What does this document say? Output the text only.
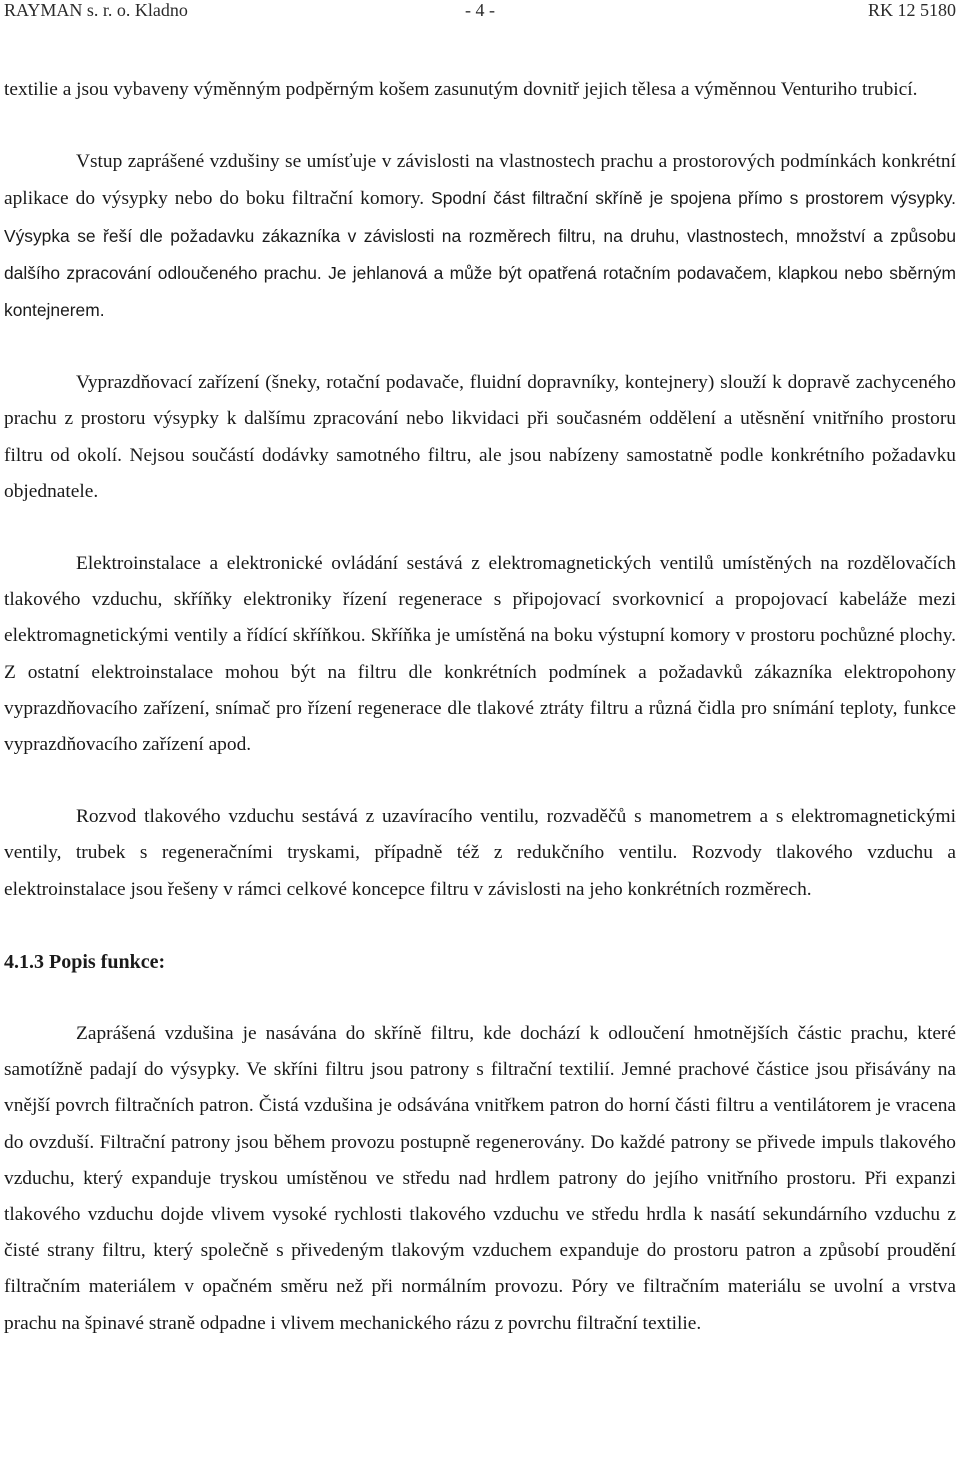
RAYMAN s. r. o. Kladno	- 4 -	RK 12 5180

textilie a jsou vybaveny výměnným podpěrným košem zasunutým dovnitř jejich tělesa a výměnnou Venturiho trubicí.

Vstup zaprášené vzdušiny se umísťuje v závislosti na vlastnostech prachu a prostorových podmínkách konkrétní aplikace do výsypky nebo do boku filtrační komory. Spodní část filtrační skříně je spojena přímo s prostorem výsypky. Výsypka se řeší dle požadavku zákazníka v závislosti na rozměrech filtru, na druhu, vlastnostech, množství a způsobu dalšího zpracování odloučeného prachu. Je jehlanová a může být opatřená rotačním podavačem, klapkou nebo sběrným kontejnerem.

Vyprazdňovací zařízení (šneky, rotační podavače, fluidní dopravníky, kontejnery) slouží k dopravě zachyceného prachu z prostoru výsypky k dalšímu zpracování nebo likvidaci při současném oddělení a utěsnění vnitřního prostoru filtru od okolí. Nejsou součástí dodávky samotného filtru, ale jsou nabízeny samostatně podle konkrétního požadavku objednatele.

Elektroinstalace a elektronické ovládání sestává z elektromagnetických ventilů umístěných na rozdělovačích tlakového vzduchu, skříňky elektroniky řízení regenerace s připojovací svorkovnicí a propojovací kabeláže mezi elektromagnetickými ventily a řídící skříňkou. Skříňka je umístěná na boku výstupní komory v prostoru pochůzné plochy. Z ostatní elektroinstalace mohou být na filtru dle konkrétních podmínek a požadavků zákazníka elektropohony vyprazdňovacího zařízení, snímač pro řízení regenerace dle tlakové ztráty filtru a různá čidla pro snímání teploty, funkce vyprazdňovacího zařízení apod.

Rozvod tlakového vzduchu sestává z uzavíracího ventilu, rozvaděčů s manometrem a s elektromagnetickými ventily, trubek s regeneračními tryskami, případně též z redukčního ventilu. Rozvody tlakového vzduchu a elektroinstalace jsou řešeny v rámci celkové koncepce filtru v závislosti na jeho konkrétních rozměrech.

4.1.3 Popis funkce:

Zaprášená vzdušina je nasávána do skříně filtru, kde dochází k odloučení hmotnějších částic prachu, které samotížně padají do výsypky. Ve skříni filtru jsou patrony s filtrační textilií. Jemné prachové částice jsou přisávány na vnější povrch filtračních patron. Čistá vzdušina je odsávána vnitřkem patron do horní části filtru a ventilátorem je vracena do ovzduší. Filtrační patrony jsou během provozu postupně regenerovány. Do každé patrony se přivede impuls tlakového vzduchu, který expanduje tryskou umístěnou ve středu nad hrdlem patrony do jejího vnitřního prostoru. Při expanzi tlakového vzduchu dojde vlivem vysoké rychlosti tlakového vzduchu ve středu hrdla k nasátí sekundárního vzduchu z čisté strany filtru, který společně s přivedeným tlakovým vzduchem expanduje do prostoru patron a způsobí proudění filtračním materiálem v opačném směru než při normálním provozu. Póry ve filtračním materiálu se uvolní a vrstva prachu na špinavé straně odpadne i vlivem mechanického rázu z povrchu filtrační textilie.
